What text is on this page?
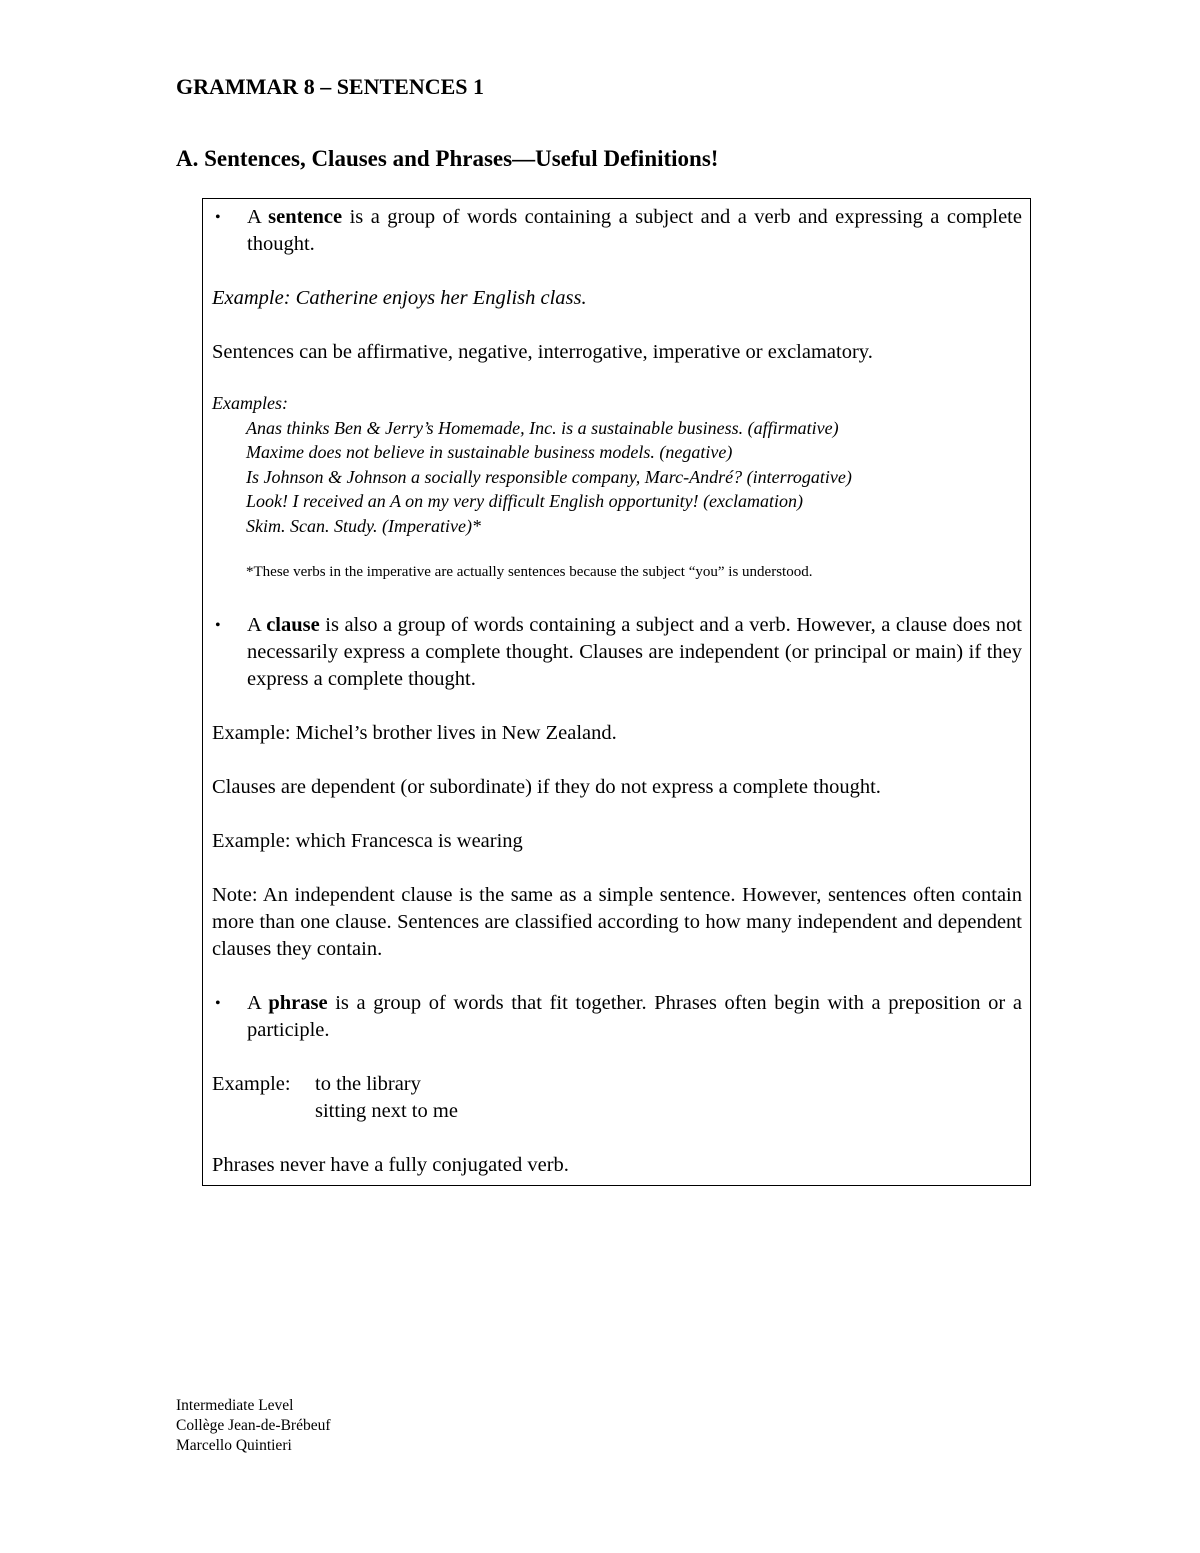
GRAMMAR 8 – SENTENCES 1
A. Sentences, Clauses and Phrases—Useful Definitions!

• A sentence is a group of words containing a subject and a verb and expressing a complete thought.

Example: Catherine enjoys her English class.

Sentences can be affirmative, negative, interrogative, imperative or exclamatory.

Examples:

Anas thinks Ben & Jerry’s Homemade, Inc. is a sustainable business. (affirmative)

Maxime does not believe in sustainable business models. (negative)

Is Johnson & Johnson a socially responsible company, Marc-André? (interrogative)

Look! I received an A on my very difficult English opportunity! (exclamation)

Skim. Scan. Study. (Imperative)*

*These verbs in the imperative are actually sentences because the subject “you” is understood.

• A clause is also a group of words containing a subject and a verb. However, a clause does not necessarily express a complete thought. Clauses are independent (or principal or main) if they express a complete thought.

Example: Michel’s brother lives in New Zealand.

Clauses are dependent (or subordinate) if they do not express a complete thought.

Example: which Francesca is wearing

Note: An independent clause is the same as a simple sentence. However, sentences often contain more than one clause. Sentences are classified according to how many independent and dependent clauses they contain.

• A phrase is a group of words that fit together. Phrases often begin with a preposition or a participle.

Example:	to the library
sitting next to me

Phrases never have a fully conjugated verb.

Intermediate Level
Collège Jean-de-Brébeuf
Marcello Quintieri
